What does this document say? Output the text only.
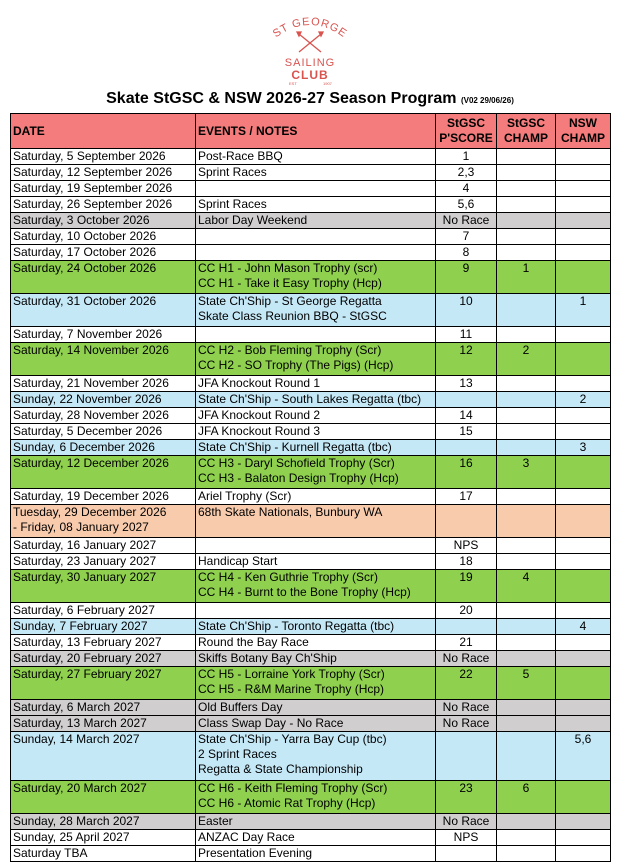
ST GEORGE
SAILING
CLUB
EST	1907
Skate StGSC & NSW 2026-27 Season Program (V02 29/06/26)
DATE	EVENTS / NOTES	StGSC P'SCORE	StGSC CHAMP	NSW CHAMP

Saturday, 5 September 2026	Post-Race BBQ	1		

Saturday, 12 September 2026	Sprint Races	2,3		

Saturday, 19 September 2026		4		

Saturday, 26 September 2026	Sprint Races	5,6		

Saturday, 3 October 2026	Labor Day Weekend	No Race		

Saturday, 10 October 2026		7		

Saturday, 17 October 2026		8		

Saturday, 24 October 2026	CC H1 - John Mason Trophy (scr)
CC H1 - Take it Easy Trophy (Hcp)	9	1	

Saturday, 31 October 2026	State Ch'Ship - St George Regatta
Skate Class Reunion BBQ - StGSC	10		1

Saturday, 7 November 2026		11		

Saturday, 14 November 2026	CC H2 - Bob Fleming Trophy (Scr)
CC H2 - SO Trophy (The Pigs) (Hcp)	12	2	

Saturday, 21 November 2026	JFA Knockout Round 1	13		

Sunday, 22 November 2026	State Ch'Ship - South Lakes Regatta (tbc)			2

Saturday, 28 November 2026	JFA Knockout Round 2	14		

Saturday, 5 December 2026	JFA Knockout Round 3	15		

Sunday, 6 December 2026	State Ch'Ship - Kurnell Regatta (tbc)			3

Saturday, 12 December 2026	CC H3 - Daryl Schofield Trophy (Scr)
CC H3 - Balaton Design Trophy (Hcp)	16	3	

Saturday, 19 December 2026	Ariel Trophy (Scr)	17		

Tuesday, 29 December 2026
- Friday, 08 January 2027	68th Skate Nationals, Bunbury WA			

Saturday, 16 January 2027		NPS		

Saturday, 23 January 2027	Handicap Start	18		

Saturday, 30 January 2027	CC H4 - Ken Guthrie Trophy (Scr)
CC H4 - Burnt to the Bone Trophy (Hcp)	19	4	

Saturday, 6 February 2027		20		

Sunday, 7 February 2027	State Ch'Ship - Toronto Regatta (tbc)			4

Saturday, 13 February 2027	Round the Bay Race	21		

Saturday, 20 February 2027	Skiffs Botany Bay Ch'Ship	No Race		

Saturday, 27 February 2027	CC H5 - Lorraine York Trophy (Scr)
CC H5 - R&M Marine Trophy (Hcp)	22	5	

Saturday, 6 March 2027	Old Buffers Day	No Race		

Saturday, 13 March 2027	Class Swap Day - No Race	No Race		

Sunday, 14 March 2027	State Ch'Ship - Yarra Bay Cup (tbc)
2 Sprint Races
Regatta & State Championship			5,6

Saturday, 20 March 2027	CC H6 - Keith Fleming Trophy (Scr)
CC H6 - Atomic Rat Trophy (Hcp)	23	6	

Sunday, 28 March 2027	Easter	No Race		

Sunday, 25 April 2027	ANZAC Day Race	NPS		

Saturday TBA	Presentation Evening			
